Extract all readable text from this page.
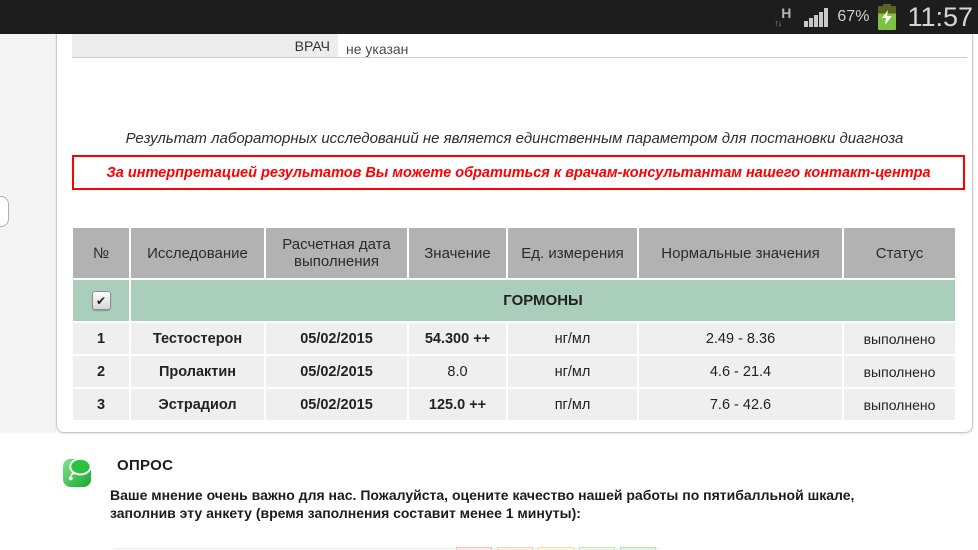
H
↑↓	67% 11:57
ВРАЧ	не указан
Результат лабораторных исследований не является единственным параметром для постановки диагноза
За интерпретацией результатов Вы можете обратиться к врачам-консультантам нашего контакт-центра
№	Исследование	Расчетная дата выполнения	Значение	Ед. измерения	Нормальные значения	Статус

✔	ГОРМОНЫ					
1	Тестостерон	05/02/2015	54.300 ++	нг/мл	2.49 - 8.36	выполнено
2	Пролактин	05/02/2015	8.0	нг/мл	4.6 - 21.4	выполнено
3	Эстрадиол	05/02/2015	125.0 ++	пг/мл	7.6 - 42.6	выполнено
ОПРОС
Ваше мнение очень важно для нас. Пожалуйста, оцените качество нашей работы по пятибалльной шкале,
заполнив эту анкету (время заполнения составит менее 1 минуты):
